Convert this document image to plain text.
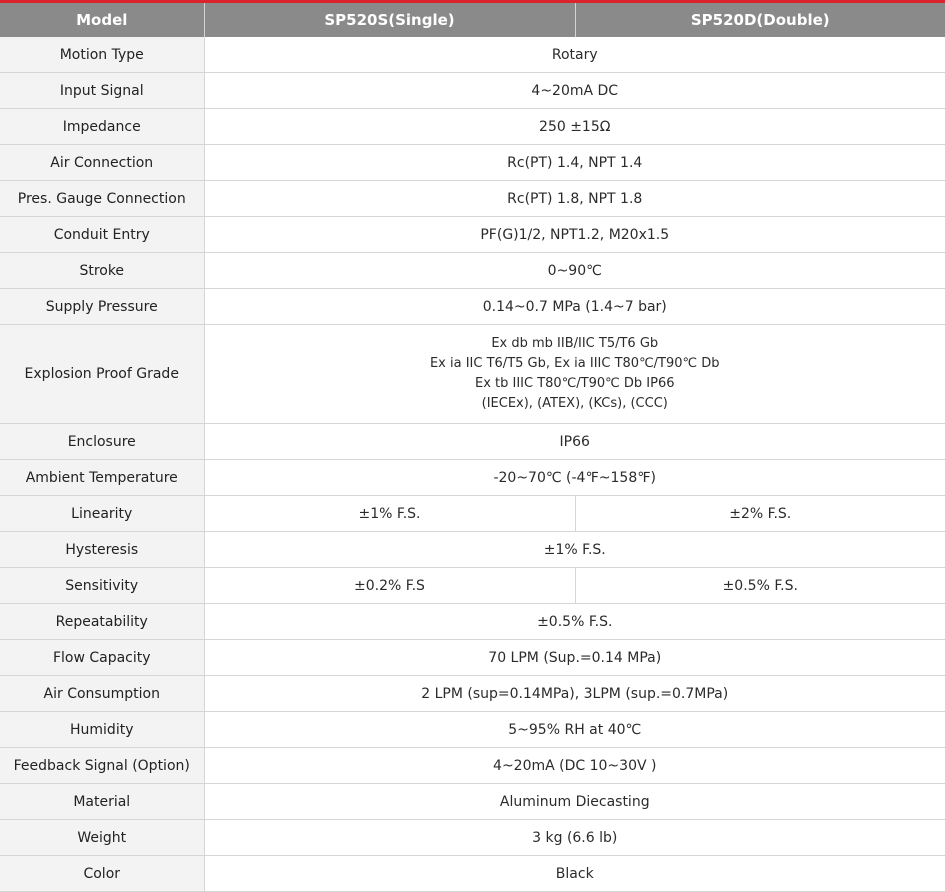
Model	SP520S(Single)	SP520D(Double)
Motion Type	Rotary	
Input Signal	4~20mA DC	
Impedance	250 ±15Ω	
Air Connection	Rc(PT) 1.4, NPT 1.4	
Pres. Gauge Connection	Rc(PT) 1.8, NPT 1.8	
Conduit Entry	PF(G)1/2, NPT1.2, M20x1.5	
Stroke	0~90℃	
Supply Pressure	0.14~0.7 MPa (1.4~7 bar)	
Explosion Proof Grade	Ex db mb IIB/IIC T5/T6 Gb
Ex ia IIC T6/T5 Gb, Ex ia IIIC T80℃/T90℃ Db
Ex tb IIIC T80℃/T90℃ Db IP66
(IECEx), (ATEX), (KCs), (CCC)	

Enclosure	IP66	
Ambient Temperature	-20~70℃ (-4℉~158℉)	
Linearity	±1% F.S.	±2% F.S.
Hysteresis	±1% F.S.	
Sensitivity	±0.2% F.S	±0.5% F.S.
Repeatability	±0.5% F.S.	
Flow Capacity	70 LPM (Sup.=0.14 MPa)	
Air Consumption	2 LPM (sup=0.14MPa), 3LPM (sup.=0.7MPa)	
Humidity	5~95% RH at 40℃	
Feedback Signal (Option)	4~20mA (DC 10~30V )	
Material	Aluminum Diecasting	
Weight	3 kg (6.6 lb)	
Color	Black	
